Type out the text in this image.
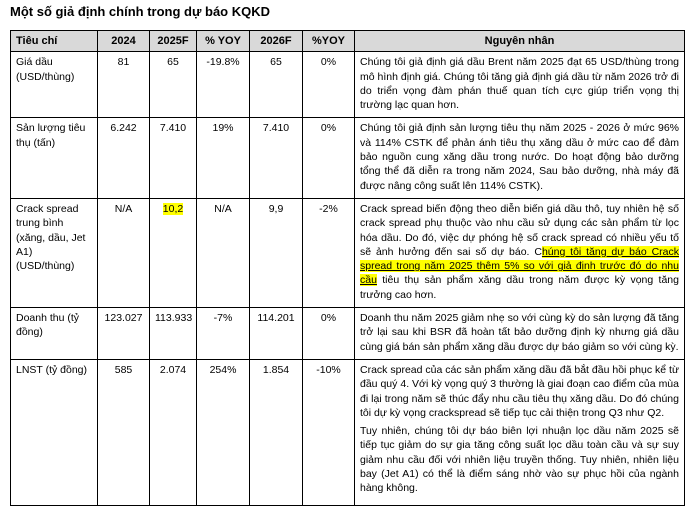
Một số giả định chính trong dự báo KQKD
Tiêu chí	2024	2025F	% YOY	2026F	%YOY	Nguyên nhân
Giá dầu (USD/thùng)	81	65	-19.8%	65	0%	Chúng tôi giả định giá dầu Brent năm 2025 đạt 65 USD/thùng trong mô hình định giá. Chúng tôi tăng giả định giá dầu từ năm 2026 trở đi do triển vọng đàm phán thuế quan tích cực giúp triển vọng thị trường lạc quan hơn.
Sản lượng tiêu thụ (tấn)	6.242	7.410	19%	7.410	0%	Chúng tôi giả định sản lượng tiêu thụ năm 2025 - 2026 ở mức 96% và 114% CSTK để phản ánh tiêu thụ xăng dầu ở mức cao để đảm bảo nguồn cung xăng dầu trong nước. Do hoạt động bảo dưỡng tổng thể đã diễn ra trong năm 2024, Sau bảo dưỡng, nhà máy đã được nâng công suất lên 114% CSTK).
Crack spread trung bình (xăng, dầu, Jet A1) (USD/thùng)	N/A	10,2	N/A	9,9	-2%	Crack spread biến động theo diễn biến giá dầu thô, tuy nhiên hệ số crack spread phụ thuộc vào nhu cầu sử dụng các sản phẩm từ lọc hóa dầu. Do đó, việc dự phóng hệ số crack spread có nhiều yếu tố sẽ ảnh hưởng đến sai số dự báo. Chúng tôi tăng dự báo Crack spread trong năm 2025 thêm 5% so với giả định trước đó do nhu cầu tiêu thụ sản phẩm xăng dầu trong năm được kỳ vọng tăng trưởng cao hơn.
Doanh thu (tỷ đồng)	123.027	113.933	-7%	114.201	0%	Doanh thu năm 2025 giảm nhẹ so với cùng kỳ do sản lượng đã tăng trở lại sau khi BSR đã hoàn tất bảo dưỡng định kỳ nhưng giá dầu cùng giá bán sản phẩm xăng dầu được dự báo giảm so với cùng kỳ.
LNST (tỷ đồng)	585	2.074	254%	1.854	-10%	Crack spread của các sản phẩm xăng dầu đã bắt đầu hồi phục kể từ đầu quý 4. Với kỳ vọng quý 3 thường là giai đoạn cao điểm của mùa đi lại trong năm sẽ thúc đẩy nhu cầu tiêu thụ xăng dầu. Do đó chúng tôi dự kỳ vọng crackspread sẽ tiếp tục cải thiện trong Q3 như Q2.

Tuy nhiên, chúng tôi dự báo biên lợi nhuận lọc dầu năm 2025 sẽ tiếp tục giảm do sự gia tăng công suất lọc dầu toàn cầu và sự suy giảm nhu cầu đối với nhiên liệu truyền thống. Tuy nhiên, nhiên liệu bay (Jet A1) có thể là điểm sáng nhờ vào sự phục hồi của ngành hàng không.
